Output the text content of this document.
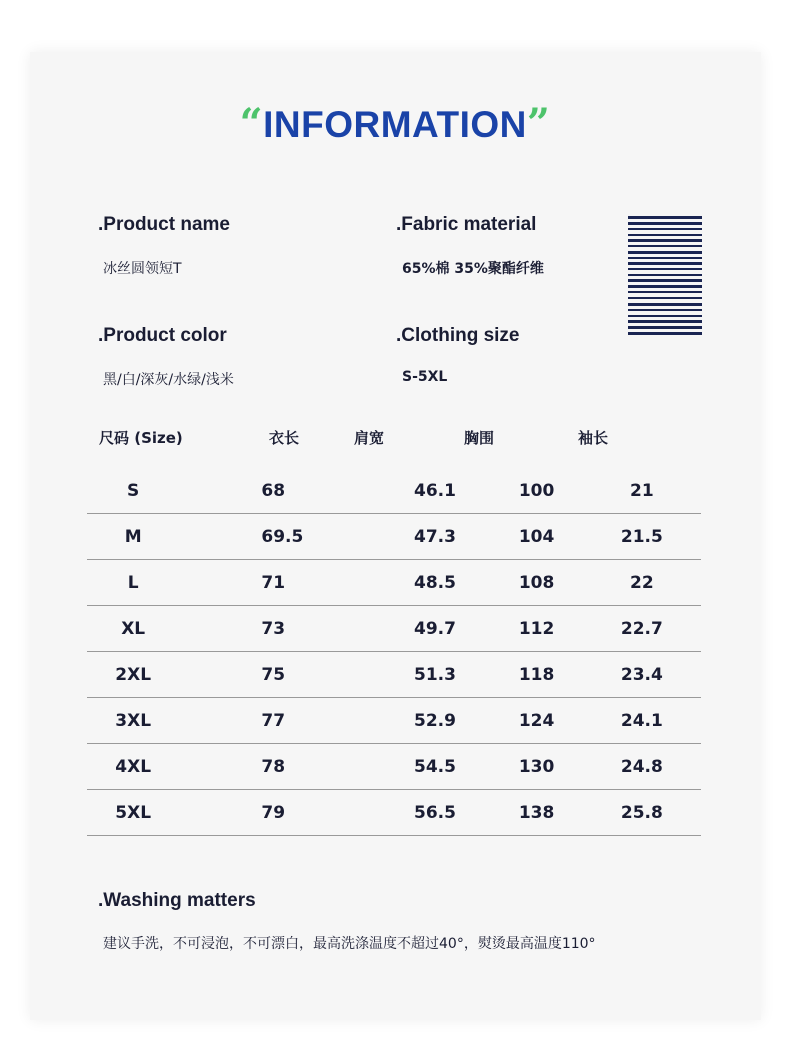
“INFORMATION”
.Product name
冰丝圆领短T
.Fabric material
65%棉 35%聚酯纤维
.Product color
黑/白/深灰/水绿/浅米
.Clothing size
S-5XL
尺码 (Size)	衣长	肩宽	胸围	袖长
S	68	46.1	100	21
M	69.5	47.3	104	21.5
L	71	48.5	108	22
XL	73	49.7	112	22.7
2XL	75	51.3	118	23.4
3XL	77	52.9	124	24.1
4XL	78	54.5	130	24.8
5XL	79	56.5	138	25.8
.Washing matters
建议手洗，不可浸泡，不可漂白，最高洗涤温度不超过40°，熨烫最高温度110°
